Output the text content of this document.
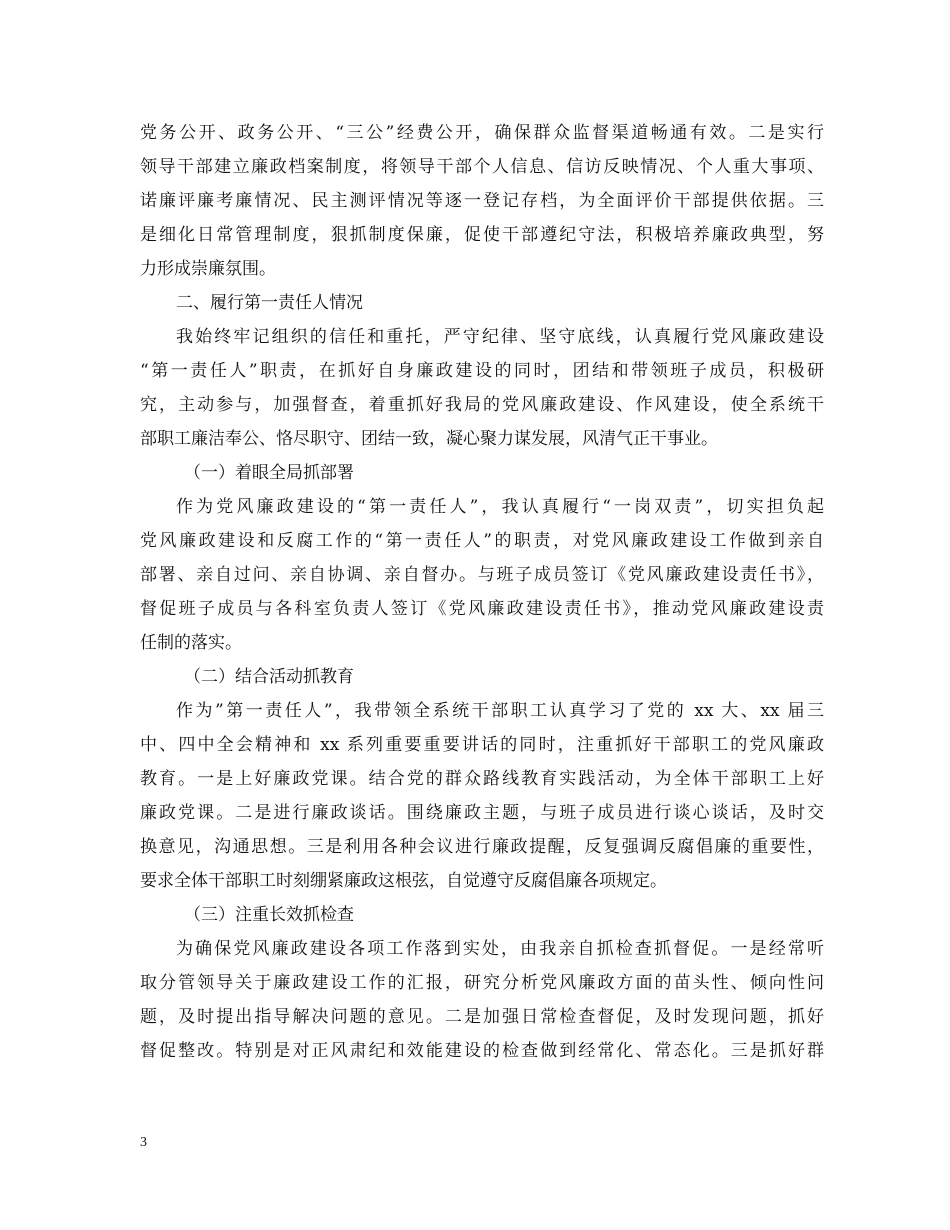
党务公开、政务公开、“三公”经费公开，确保群众监督渠道畅通有效。二是实行
领导干部建立廉政档案制度，将领导干部个人信息、信访反映情况、个人重大事项、
诺廉评廉考廉情况、民主测评情况等逐一登记存档，为全面评价干部提供依据。三
是细化日常管理制度，狠抓制度保廉，促使干部遵纪守法，积极培养廉政典型，努
力形成崇廉氛围。
二、履行第一责任人情况
我始终牢记组织的信任和重托，严守纪律、坚守底线，认真履行党风廉政建设
“第一责任人”职责，在抓好自身廉政建设的同时，团结和带领班子成员，积极研
究，主动参与，加强督查，着重抓好我局的党风廉政建设、作风建设，使全系统干
部职工廉洁奉公、恪尽职守、团结一致，凝心聚力谋发展，风清气正干事业。
（一）着眼全局抓部署
作为党风廉政建设的“第一责任人”，我认真履行“一岗双责”，切实担负起
党风廉政建设和反腐工作的“第一责任人”的职责，对党风廉政建设工作做到亲自
部署、亲自过问、亲自协调、亲自督办。与班子成员签订《党风廉政建设责任书》，
督促班子成员与各科室负责人签订《党风廉政建设责任书》，推动党风廉政建设责
任制的落实。
（二）结合活动抓教育
作为”第一责任人”，我带领全系统干部职工认真学习了党的 xx 大、xx 届三
中、四中全会精神和 xx 系列重要重要讲话的同时，注重抓好干部职工的党风廉政
教育。一是上好廉政党课。结合党的群众路线教育实践活动，为全体干部职工上好
廉政党课。二是进行廉政谈话。围绕廉政主题，与班子成员进行谈心谈话，及时交
换意见，沟通思想。三是利用各种会议进行廉政提醒，反复强调反腐倡廉的重要性，
要求全体干部职工时刻绷紧廉政这根弦，自觉遵守反腐倡廉各项规定。
（三）注重长效抓检查
为确保党风廉政建设各项工作落到实处，由我亲自抓检查抓督促。一是经常听
取分管领导关于廉政建设工作的汇报，研究分析党风廉政方面的苗头性、倾向性问
题，及时提出指导解决问题的意见。二是加强日常检查督促，及时发现问题，抓好
督促整改。特别是对正风肃纪和效能建设的检查做到经常化、常态化。三是抓好群
3
